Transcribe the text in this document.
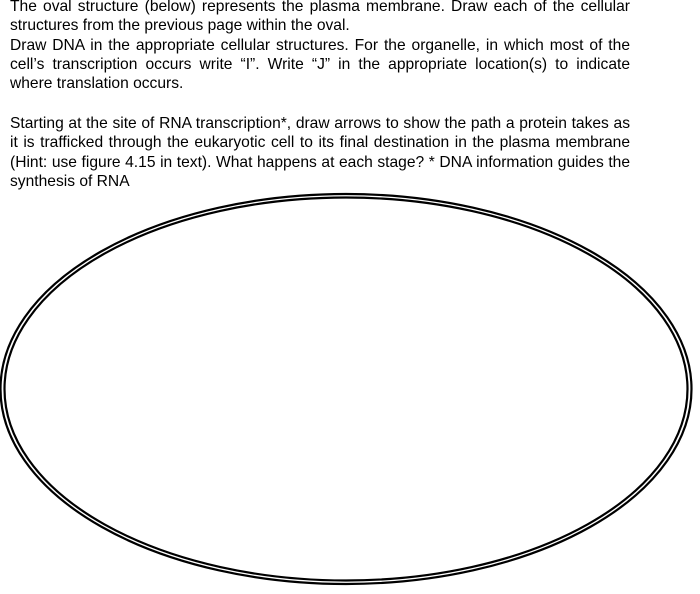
The oval structure (below) represents the plasma membrane. Draw each of the cellular structures from the previous page within the oval.

Draw DNA in the appropriate cellular structures. For the organelle, in which most of the cell’s transcription occurs write “I”. Write “J” in the appropriate location(s) to indicate where translation occurs.

Starting at the site of RNA transcription*, draw arrows to show the path a protein takes as it is trafficked through the eukaryotic cell to its final destination in the plasma membrane (Hint: use figure 4.15 in text). What happens at each stage? * DNA information guides the synthesis of RNA
